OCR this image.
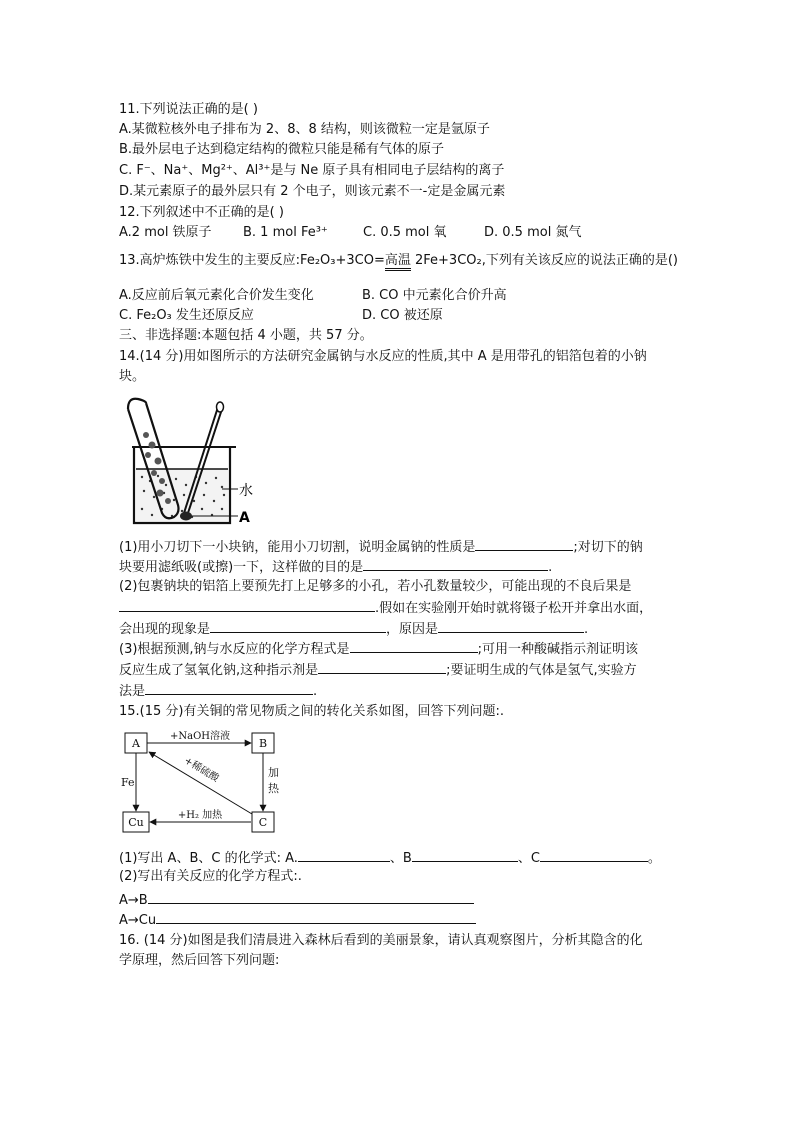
11.下列说法正确的是( )
A.某微粒核外电子排布为 2、8、8 结构，则该微粒一定是氩原子
B.最外层电子达到稳定结构的微粒只能是稀有气体的原子
C. F⁻、Na⁺、Mg²⁺、Al³⁺是与 Ne 原子具有相同电子层结构的离子
D.某元素原子的最外层只有 2 个电子，则该元素不一-定是金属元素
12.下列叙述中不正确的是( )
A.2 mol 铁原子 B. 1 mol Fe³⁺	C. 0.5 mol 氧	D. 0.5 mol 氮气
13.高炉炼铁中发生的主要反应:Fe₂O₃+3CO=高温 2Fe+3CO₂,下列有关该反应的说法正确的是()
A.反应前后氧元素化合价发生变化	B. CO 中元素化合价升高
C. Fe₂O₃ 发生还原反应	D. CO 被还原
三、非选择题:本题包括 4 小题，共 57 分。
14.(14 分)用如图所示的方法研究金属钠与水反应的性质,其中 A 是用带孔的铝箔包着的小钠
块。
水
A
(1)用小刀切下一小块钠，能用小刀切割，说明金属钠的性质是	;对切下的钠
块要用滤纸吸(或擦)一下，这样做的目的是	.
(2)包裹钠块的铝箔上要预先打上足够多的小孔，若小孔数量较少，可能出现的不良后果是
.假如在实验刚开始时就将镊子松开并拿出水面，
会出现的现象是	，原因是	.
(3)根据预测,钠与水反应的化学方程式是	;可用一种酸碱指示剂证明该
反应生成了氢氧化钠,这种指示剂是	;要证明生成的气体是氢气,实验方
法是	.
15.(15 分)有关铜的常见物质之间的转化关系如图，回答下列问题:.
A	B
C
Cu
+NaOH溶液
加
热
+稀硫酸
Fe
+H₂ 加热
(1)写出 A、B、C 的化学式: A.	、B	、C	。
(2)写出有关反应的化学方程式:.
A→B
A→Cu
16. (14 分)如图是我们清晨进入森林后看到的美丽景象，请认真观察图片，分析其隐含的化
学原理，然后回答下列问题:
